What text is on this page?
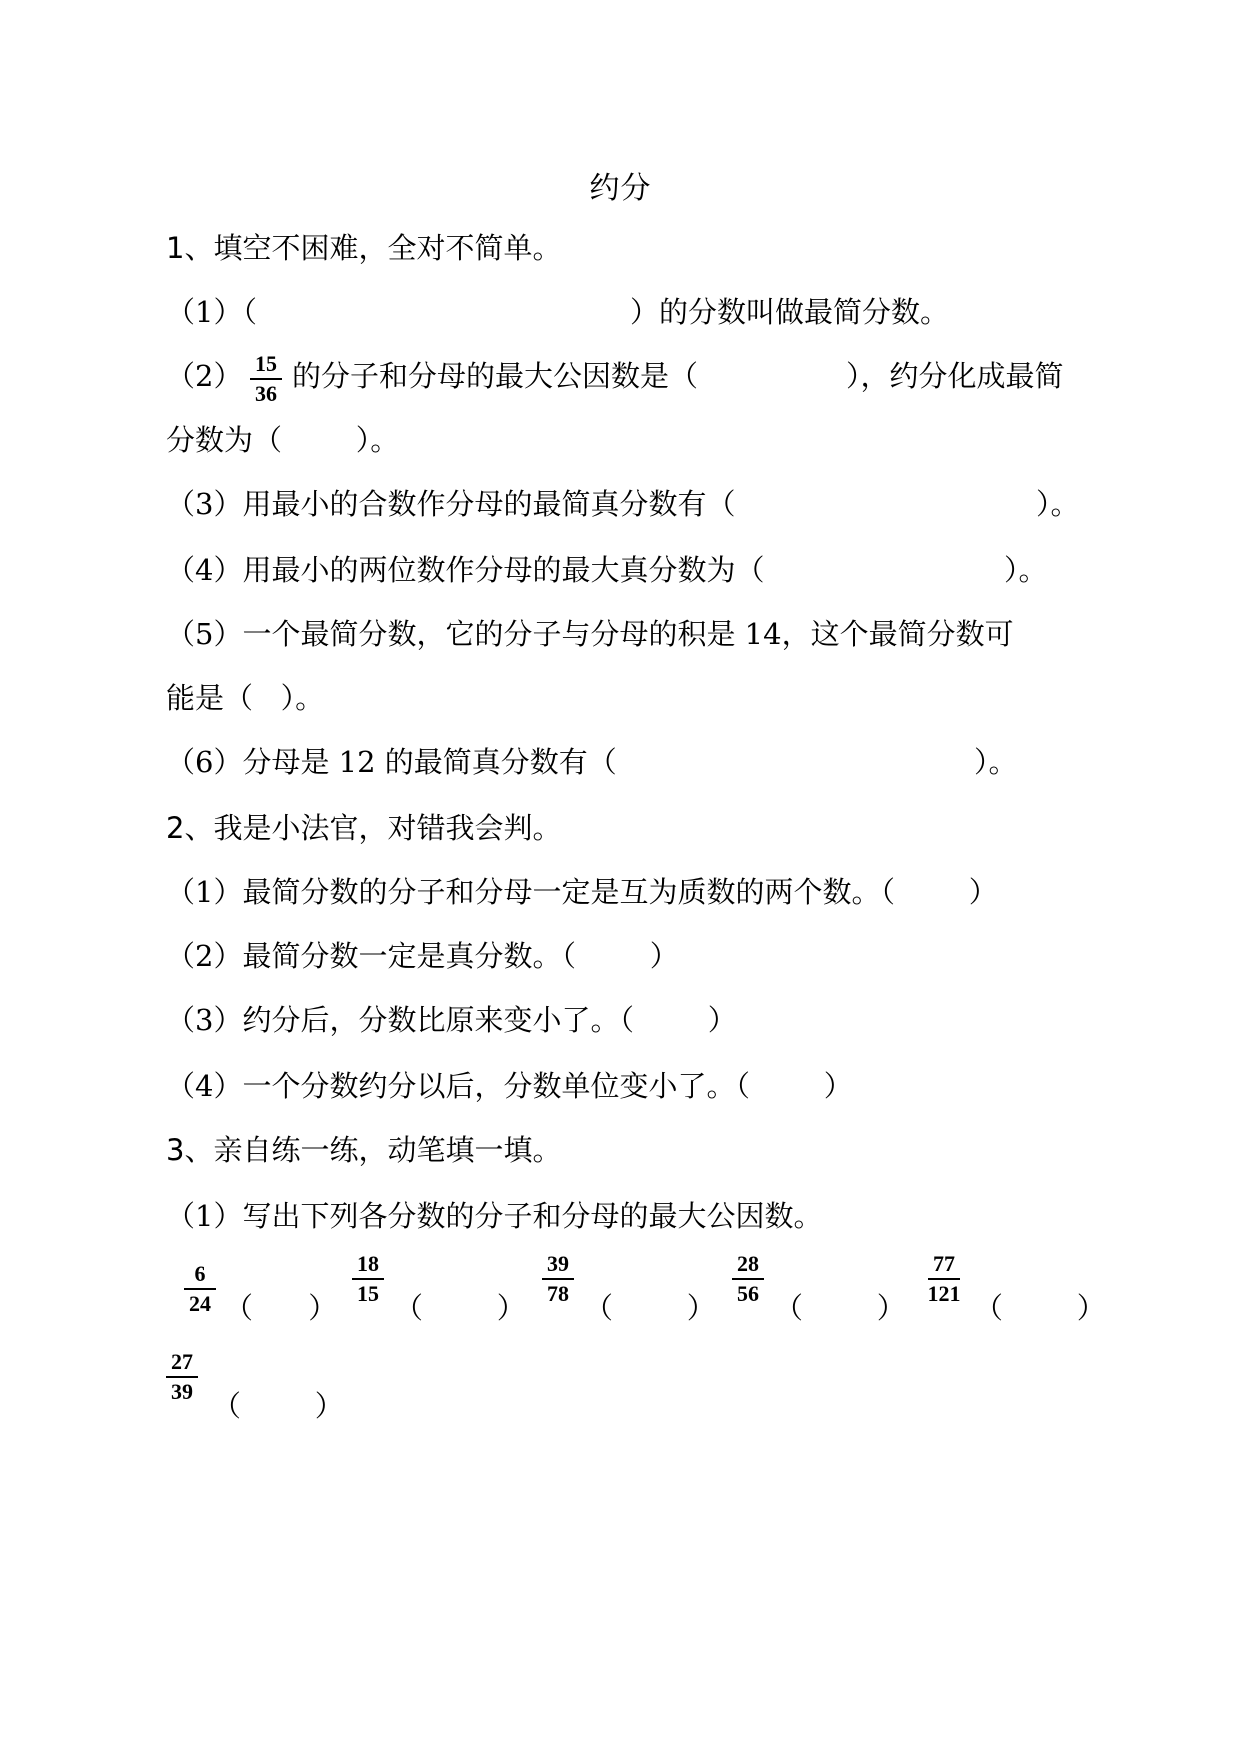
约分
1、填空不困难，全对不简单。
（1）（	）的分数叫做最简分数。
（2） 15
36
的分子和分母的最大公因数是（	），约分化成最简
分数为（        ）。
（3）用最小的合数作分母的最简真分数有（	）。
（4）用最小的两位数作分母的最大真分数为（	）。
（5）一个最简分数，它的分子与分母的积是 14，这个最简分数可
能是（   ）。
（6）分母是 12 的最简真分数有（	）。
2、我是小法官，对错我会判。
（1）最简分数的分子和分母一定是互为质数的两个数。（        ）
（2）最简分数一定是真分数。（        ）
（3）约分后，分数比原来变小了。（        ）
（4）一个分数约分以后，分数单位变小了。（        ）
3、亲自练一练，动笔填一填。
（1）写出下列各分数的分子和分母的最大公因数。
6
24 （      ）
18
15 （        ）
39
78 （        ）
28
56 （        ）
77
121 （        ）
27
39 （        ）
